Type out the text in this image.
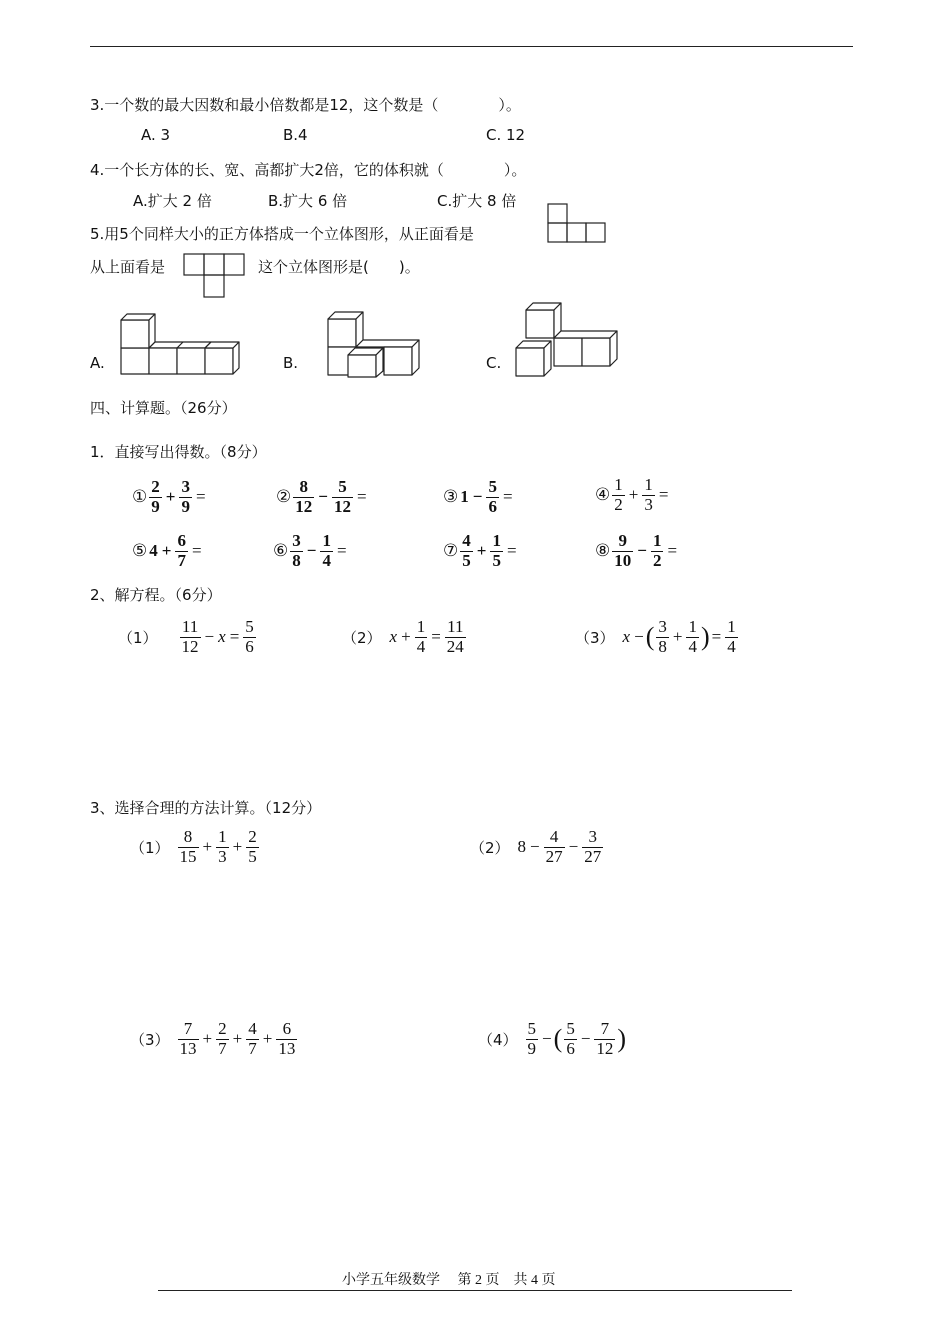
3.一个数的最大因数和最小倍数都是12，这个数是（　　　　）。
A. 3	B.4	C. 12
4.一个长方体的长、宽、高都扩大2倍，它的体积就（　　　　）。
A.扩大 2 倍	B.扩大 6 倍	C.扩大 8 倍
5.用5个同样大小的正方体搭成一个立体图形，从正面看是
从上面看是	这个立体图形是(　　)。
A.	B.	C.
四、计算题。（26分）
1．直接写出得数。（8分）
① $\frac{2}{9} + \frac{3}{9}$ =	② $\frac{8}{12} - \frac{5}{12}$ =	③ $1 - \frac{5}{6}$ =	④ $\frac{1}{2} + \frac{1}{3}$ =
⑤ $4 + \frac{6}{7}$ =	⑥ $\frac{3}{8} - \frac{1}{4}$ =	⑦ $\frac{4}{5} + \frac{1}{5}$ =	⑧ $\frac{9}{10} - \frac{1}{2}$ =
2、解方程。（6分）
$(1) \frac{11}{12} - x = \frac{5}{6}$	（2） $x + \frac{1}{4} = \frac{11}{24}$	（3） x − ( $\frac{3}{8} + \frac{1}{4}$ ) = $\frac{1}{4}$
3、选择合理的方法计算。（12分）
$(1) \frac{8}{15} + \frac{1}{3} + \frac{2}{5}$	（2） $8 - \frac{4}{27} - \frac{3}{27}$
$(3) \frac{7}{13} + \frac{2}{7} + \frac{4}{7} + \frac{6}{13}$	$(4) \frac{5}{9}$ − ( $\frac{5}{6} - \frac{7}{12}$ )
小学五年级数学　 第 2 页　共 4 页
